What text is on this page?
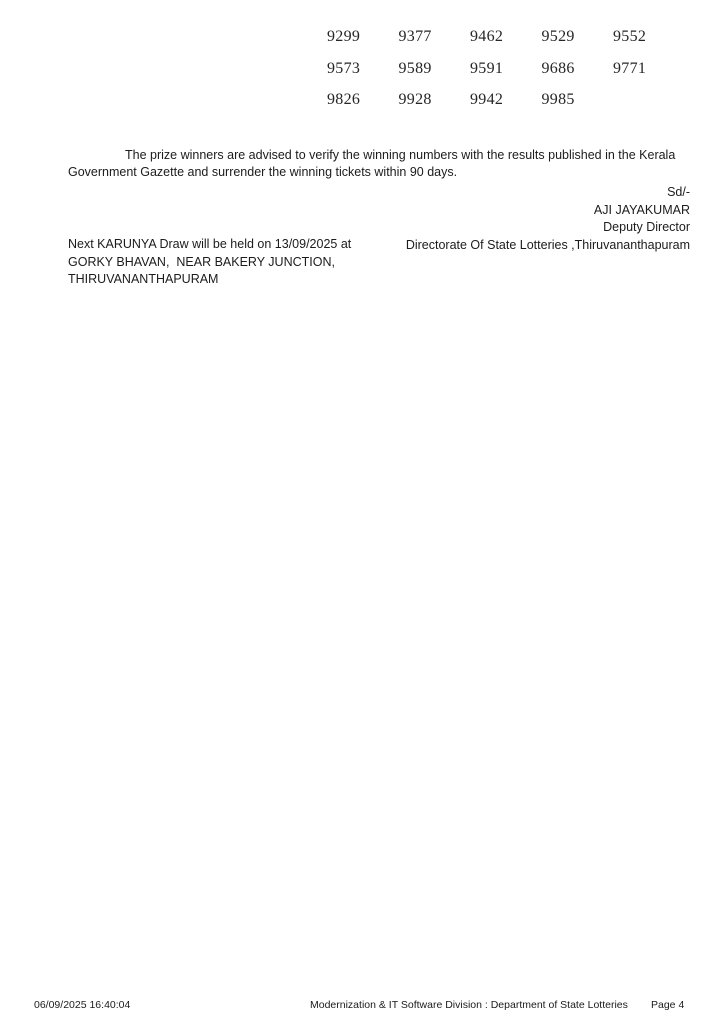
9299	9377	9462	9529	9552
9573	9589	9591	9686	9771
9826	9928	9942	9985

The prize winners are advised to verify the winning numbers with the results published in the Kerala Government Gazette and surrender the winning tickets within 90 days.

Sd/-
AJI JAYAKUMAR
Deputy Director
Directorate Of State Lotteries ,Thiruvananthapuram
Next KARUNYA Draw will be held on 13/09/2025 at
GORKY BHAVAN,  NEAR BAKERY JUNCTION,
THIRUVANANTHAPURAM
06/09/2025 16:40:04	Modernization & IT Software Division : Department of State Lotteries Page 4
